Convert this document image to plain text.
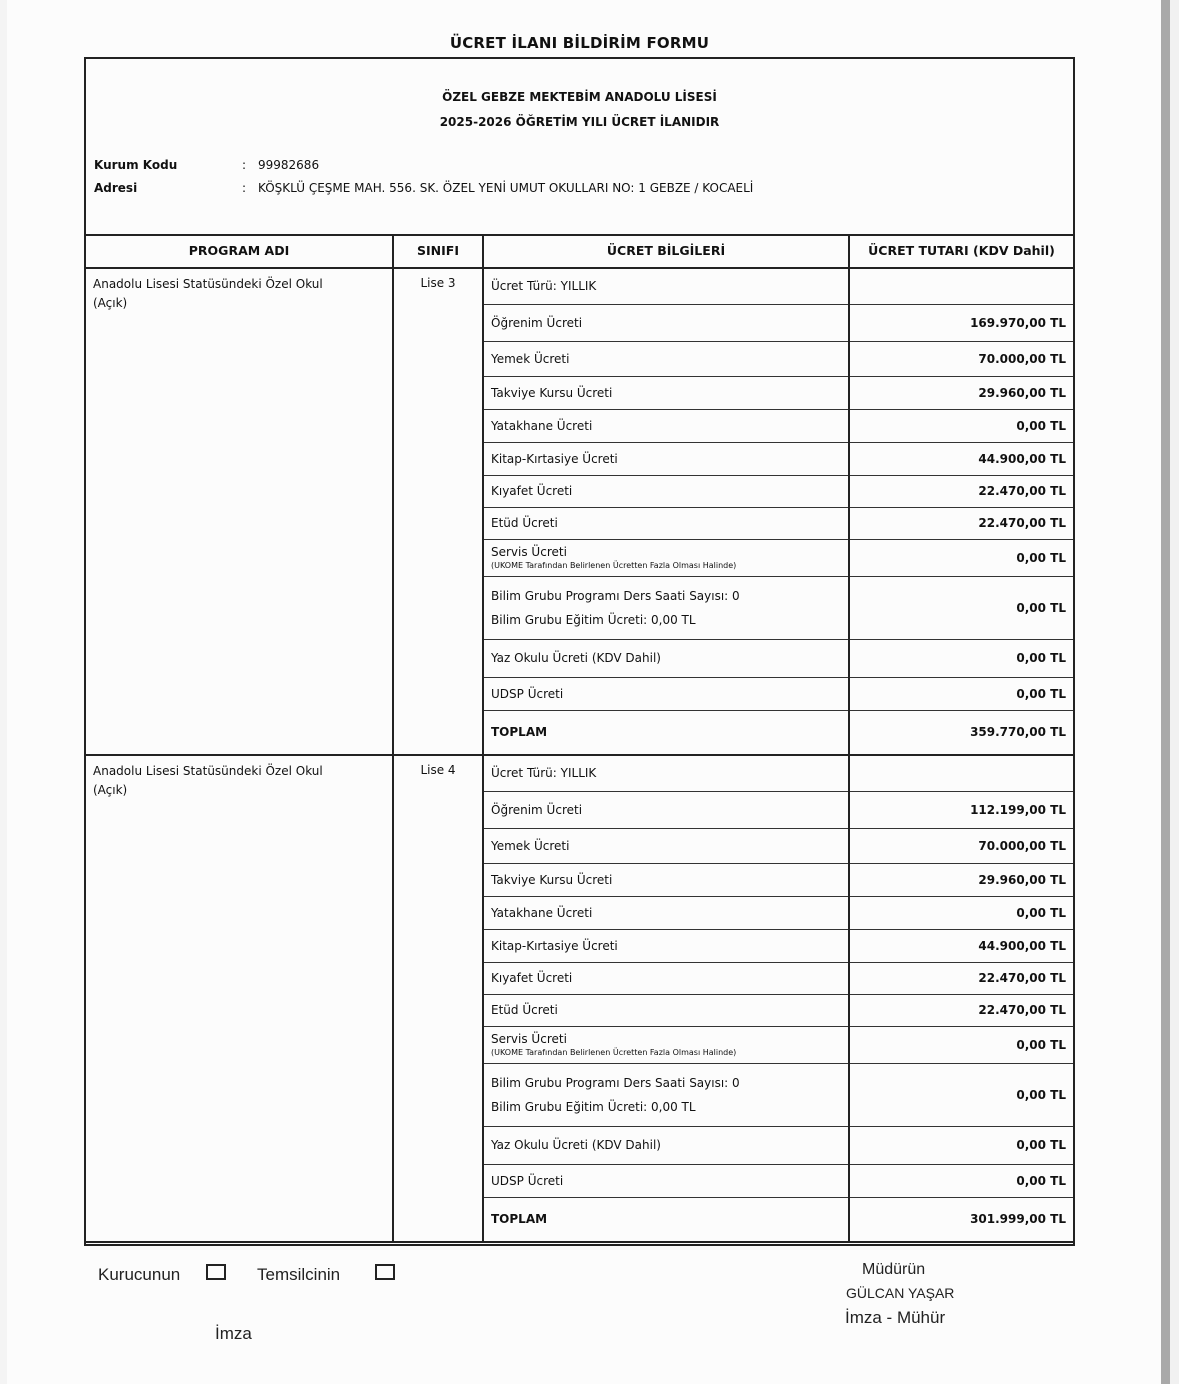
ÜCRET İLANI BİLDİRİM FORMU
ÖZEL GEBZE MEKTEBİM ANADOLU LİSESİ
2025-2026 ÖĞRETİM YILI ÜCRET İLANIDIR
Kurum Kodu	: 99982686
Adresi	: KÖŞKLÜ ÇEŞME MAH. 556. SK. ÖZEL YENİ UMUT OKULLARI NO: 1 GEBZE / KOCAELİ
PROGRAM ADI	SINIFI	ÜCRET BİLGİLERİ	ÜCRET TUTARI (KDV Dahil)

Anadolu Lisesi Statüsündeki Özel Okul
(Açık)	Lise 3	Ücret Türü: YILLIK	
		Öğrenim Ücreti	169.970,00 TL
		Yemek Ücreti	70.000,00 TL
		Takviye Kursu Ücreti	29.960,00 TL
		Yatakhane Ücreti	0,00 TL
		Kitap-Kırtasiye Ücreti	44.900,00 TL
		Kıyafet Ücreti	22.470,00 TL
		Etüd Ücreti	22.470,00 TL
		Servis Ücreti
(UKOME Tarafından Belirlenen Ücretten Fazla Olması Halinde)	0,00 TL

		Bilim Grubu Programı Ders Saati Sayısı: 0
Bilim Grubu Eğitim Ücreti: 0,00 TL	0,00 TL
		Yaz Okulu Ücreti (KDV Dahil)	0,00 TL
		UDSP Ücreti	0,00 TL
		TOPLAM	359.770,00 TL

Anadolu Lisesi Statüsündeki Özel Okul
(Açık)	Lise 4	Ücret Türü: YILLIK	
		Öğrenim Ücreti	112.199,00 TL
		Yemek Ücreti	70.000,00 TL
		Takviye Kursu Ücreti	29.960,00 TL
		Yatakhane Ücreti	0,00 TL
		Kitap-Kırtasiye Ücreti	44.900,00 TL
		Kıyafet Ücreti	22.470,00 TL
		Etüd Ücreti	22.470,00 TL
		Servis Ücreti
(UKOME Tarafından Belirlenen Ücretten Fazla Olması Halinde)	0,00 TL

		Bilim Grubu Programı Ders Saati Sayısı: 0
Bilim Grubu Eğitim Ücreti: 0,00 TL	0,00 TL
		Yaz Okulu Ücreti (KDV Dahil)	0,00 TL
		UDSP Ücreti	0,00 TL
		TOPLAM	301.999,00 TL
Kurucunun	Temsilcinin
İmza
Müdürün
GÜLCAN YAŞAR
İmza - Mühür
